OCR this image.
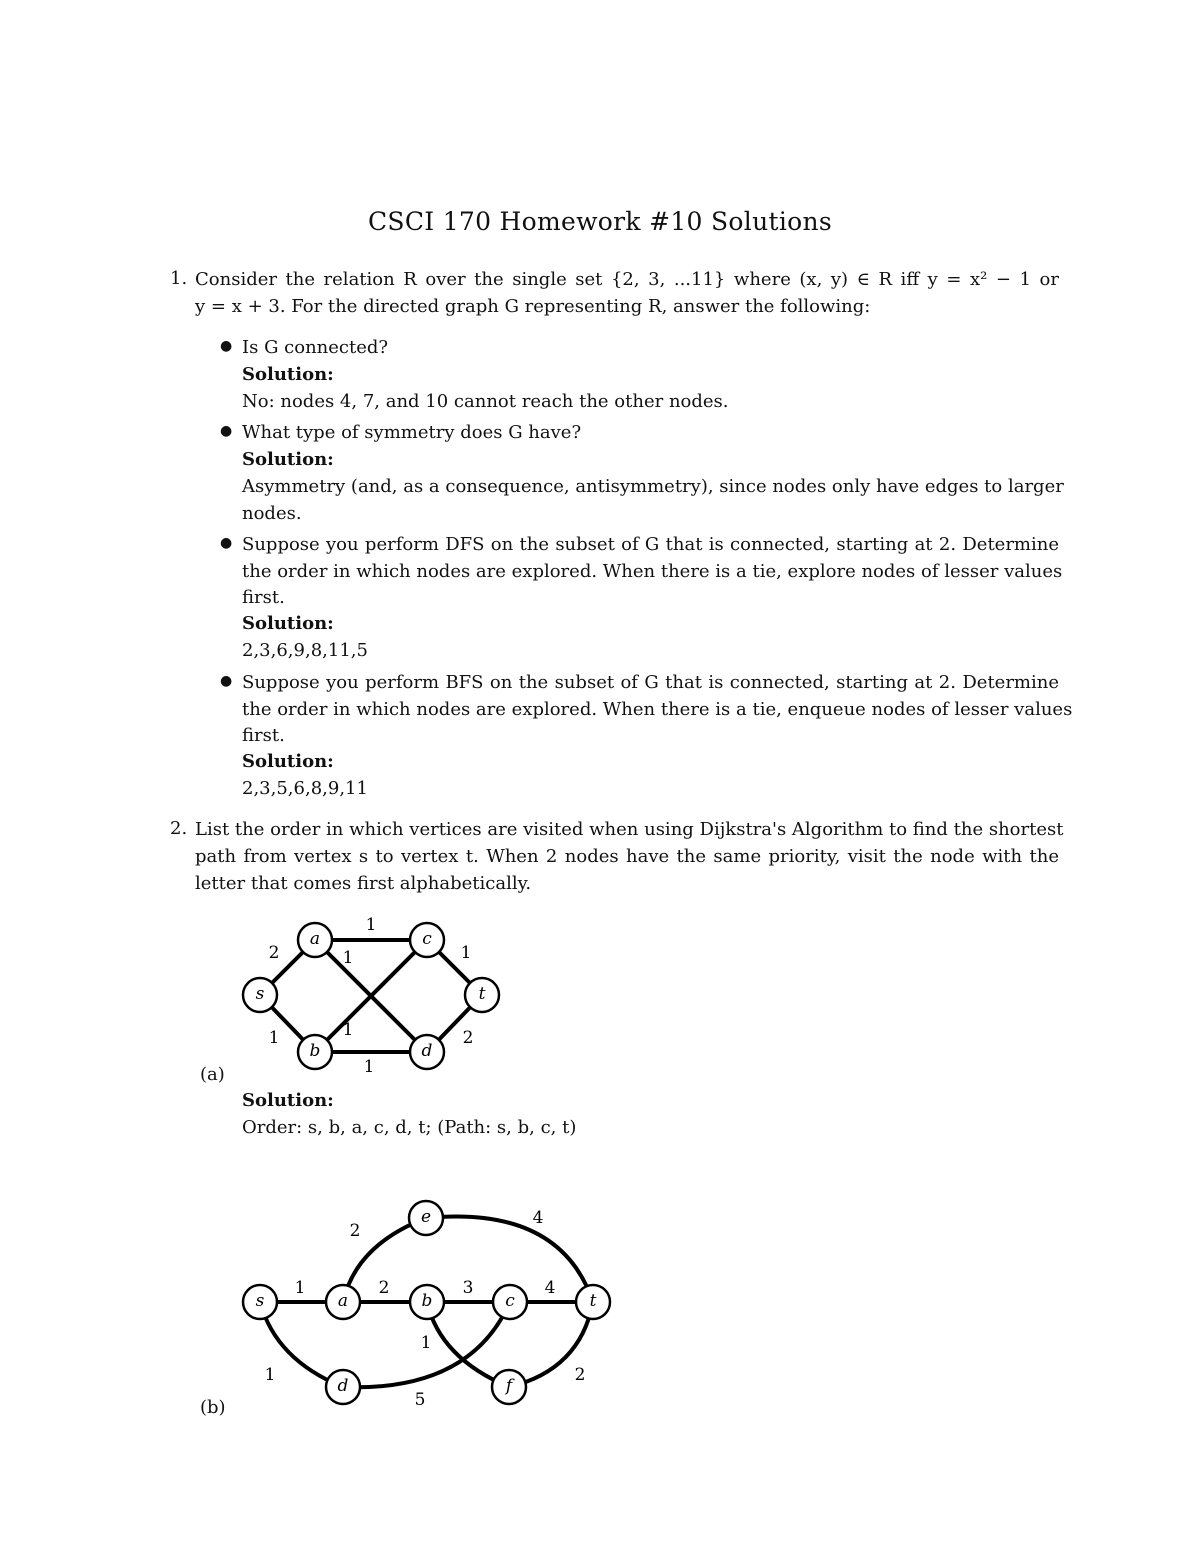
CSCI 170 Homework #10 Solutions
1. Consider the relation R over the single set {2, 3, ...11} where (x, y) ∈ R iff y = x² − 1 or
y = x + 3. For the directed graph G representing R, answer the following:
● Is G connected?
Solution:
No: nodes 4, 7, and 10 cannot reach the other nodes.
● What type of symmetry does G have?
Solution:
Asymmetry (and, as a consequence, antisymmetry), since nodes only have edges to larger
nodes.
● Suppose you perform DFS on the subset of G that is connected, starting at 2. Determine
the order in which nodes are explored. When there is a tie, explore nodes of lesser values
first.
Solution:
2,3,6,9,8,11,5
● Suppose you perform BFS on the subset of G that is connected, starting at 2. Determine
the order in which nodes are explored. When there is a tie, enqueue nodes of lesser values
first.
Solution:
2,3,5,6,8,9,11
2. List the order in which vertices are visited when using Dijkstra's Algorithm to find the shortest
path from vertex s to vertex t. When 2 nodes have the same priority, visit the node with the
letter that comes first alphabetically.
(a)
Solution:
Order: s, b, a, c, d, t; (Path: s, b, c, t)
(b)
2
1
1
1
1
1
1
2
s
a
b
c
d
t
1	2	3	4
2
4
1
5
1
2
s	a	b	c	t
e
d	f
